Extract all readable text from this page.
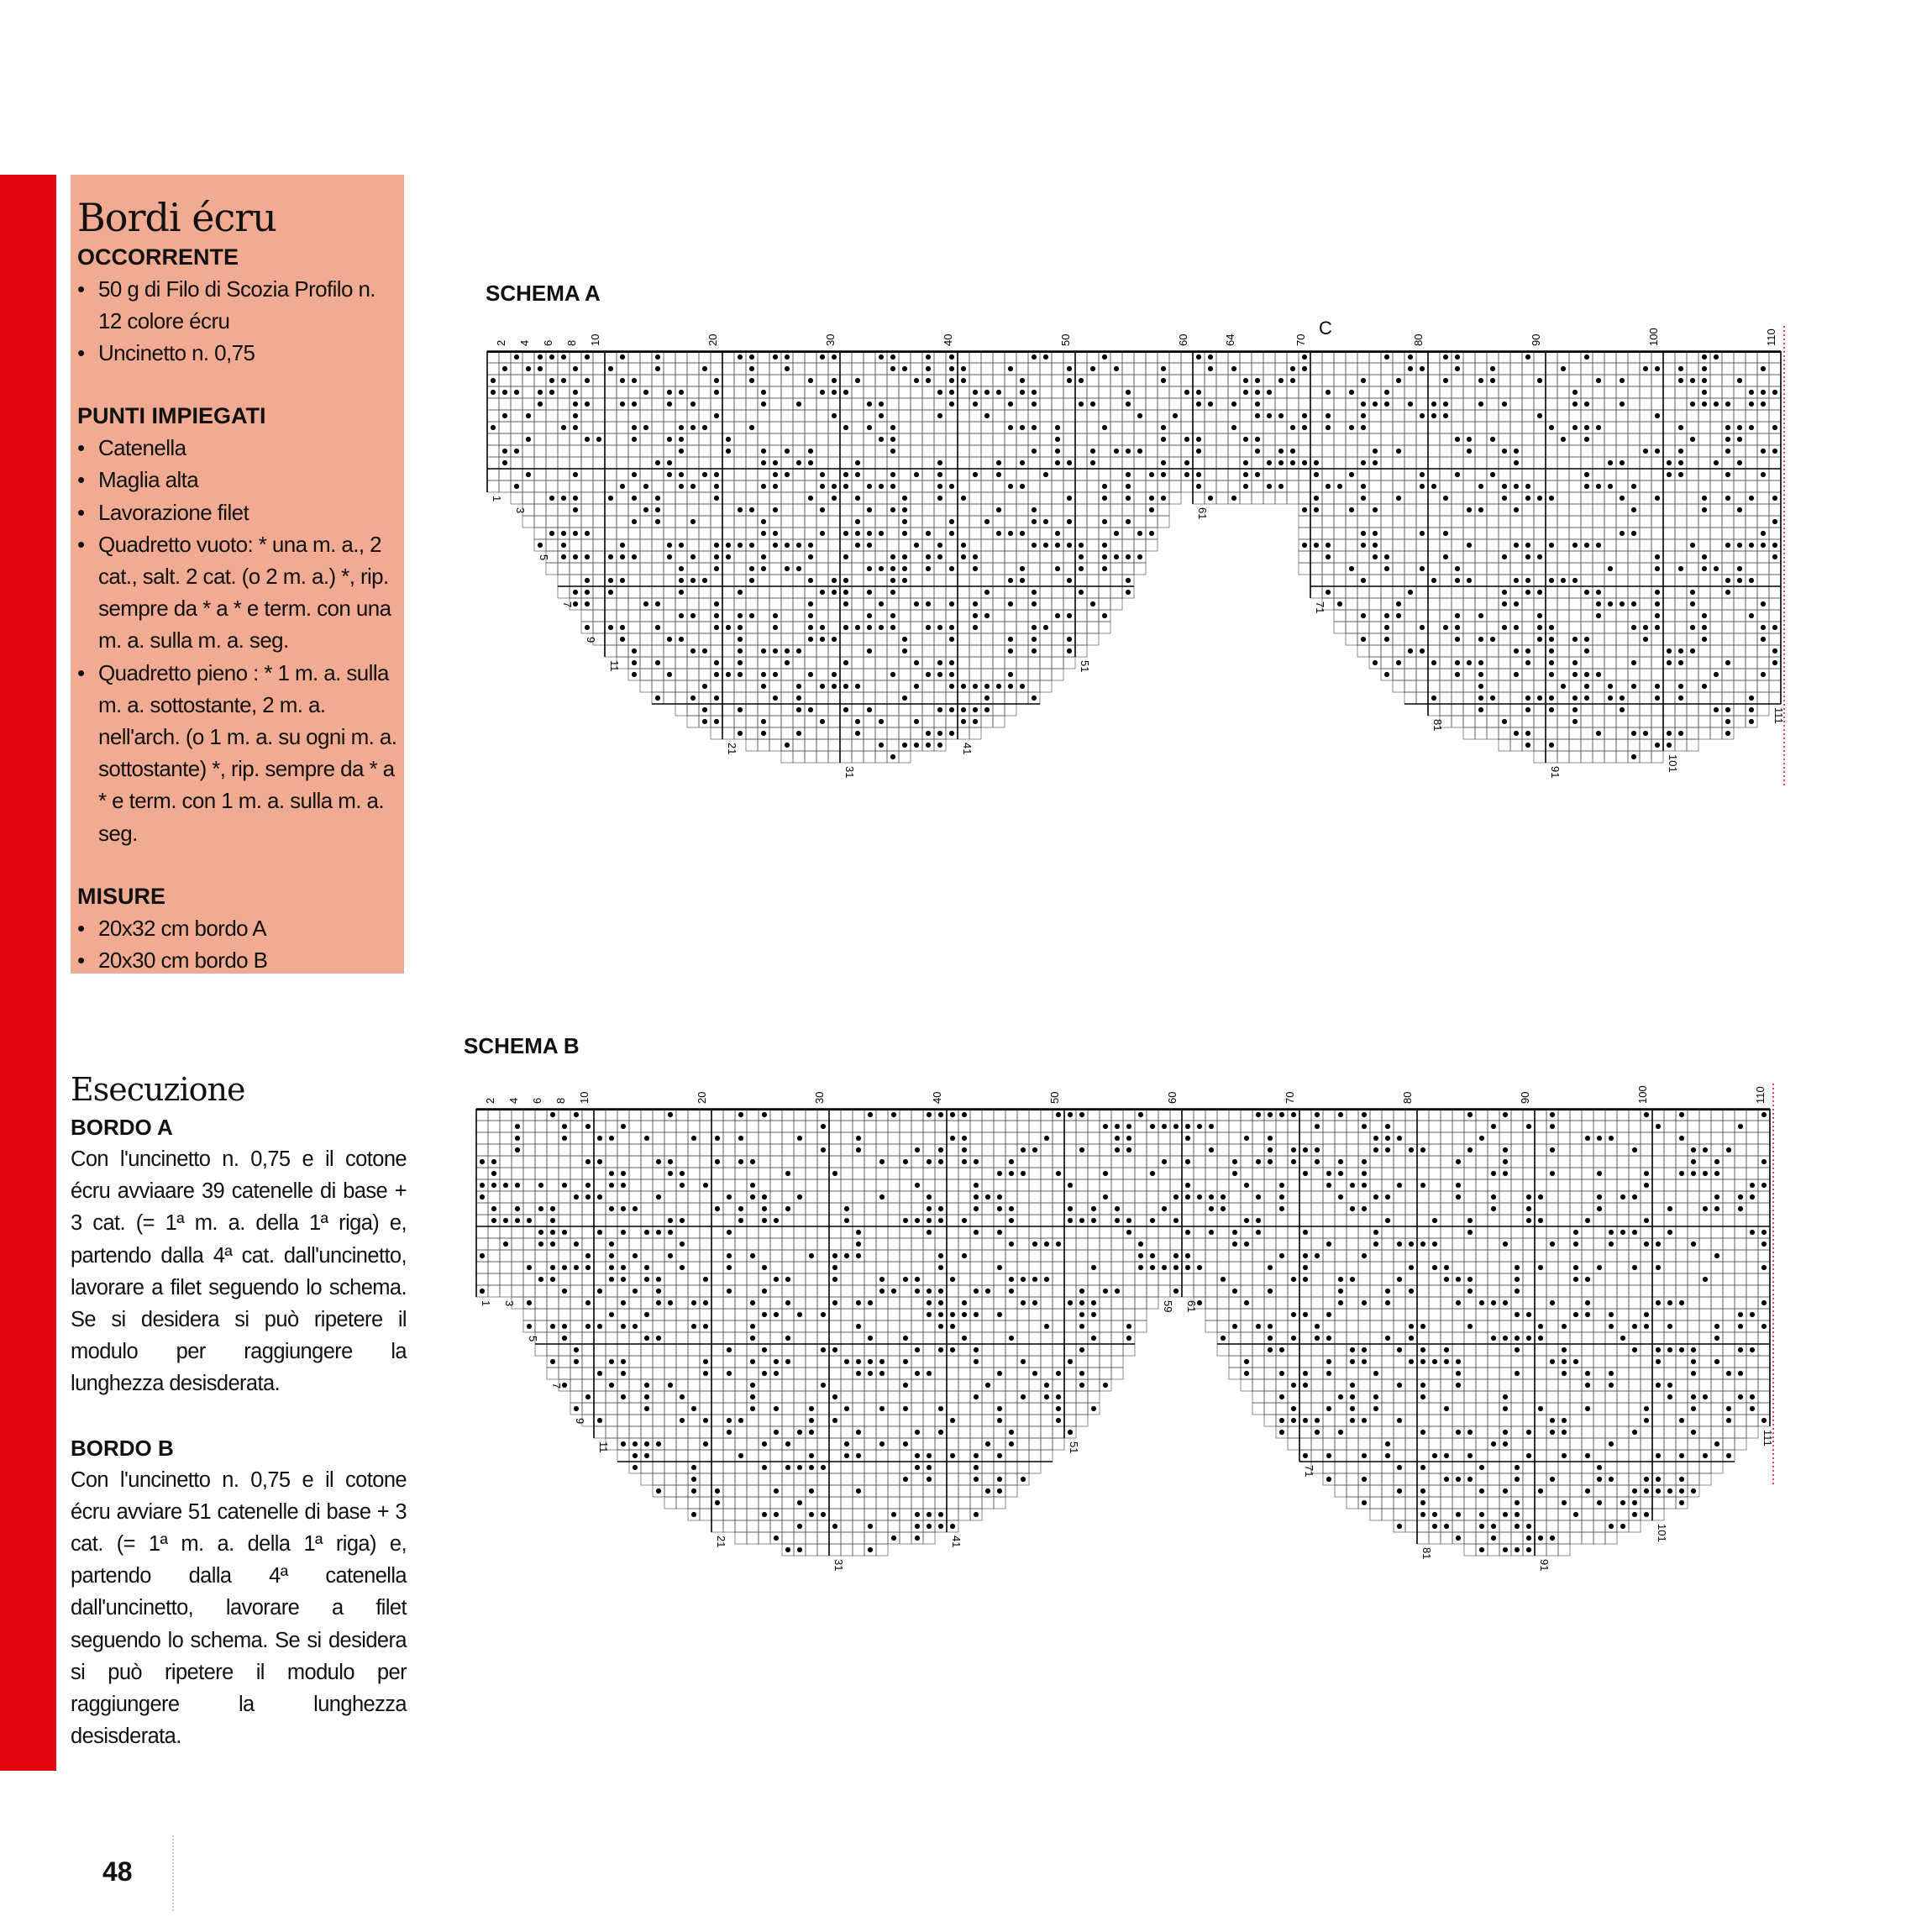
Bordi écru
OCCORRENTE
• 50 g di Filo di Scozia Profilo n. 12 colore écru
• Uncinetto n. 0,75
PUNTI IMPIEGATI
• Catenella
• Maglia alta
• Lavorazione filet
• Quadretto vuoto: * una m. a., 2 cat., salt. 2 cat. (o 2 m. a.) *, rip. sempre da * a * e term. con una m. a. sulla m. a. seg.
• Quadretto pieno : * 1 m. a. sulla m. a. sottostante, 2 m. a. nell'arch. (o 1 m. a. su ogni m. a. sottostante) *, rip. sempre da * a * e term. con 1 m. a. sulla m. a. seg.
MISURE
• 20x32 cm bordo A
• 20x30 cm bordo B
Esecuzione
BORDO A

Con l'uncinetto n. 0,75 e il cotone écru avviaare 39 catenelle di base + 3 cat. (= 1ª m. a. della 1ª riga) e, partendo dalla 4ª cat. dall'uncinetto, lavorare a filet seguendo lo schema. Se si desidera si può ripetere il modulo per raggiungere la lunghezza desisderata.

BORDO B

Con l'uncinetto n. 0,75 e il cotone écru avviare 51 catenelle di base + 3 cat. (= 1ª m. a. della 1ª riga) e, partendo dalla 4ª catenella dall'uncinetto, lavorare a filet seguendo lo schema. Se si desidera si può ripetere il modulo per raggiungere la lunghezza desisderata.

SCHEMA A
2 4 6 8 10	20	30	40	50	60	64	70	80	90	100	110
1
3
5
7
9
11
21
31
41
51
61
71
81
91	101
111
C
SCHEMA B
2 4 6 8 10	20	30	40	50	60	70	80	90	100	110
1 3
5
7
9
11
21
31
41
51
59 61
71
81
91
101
111
48
